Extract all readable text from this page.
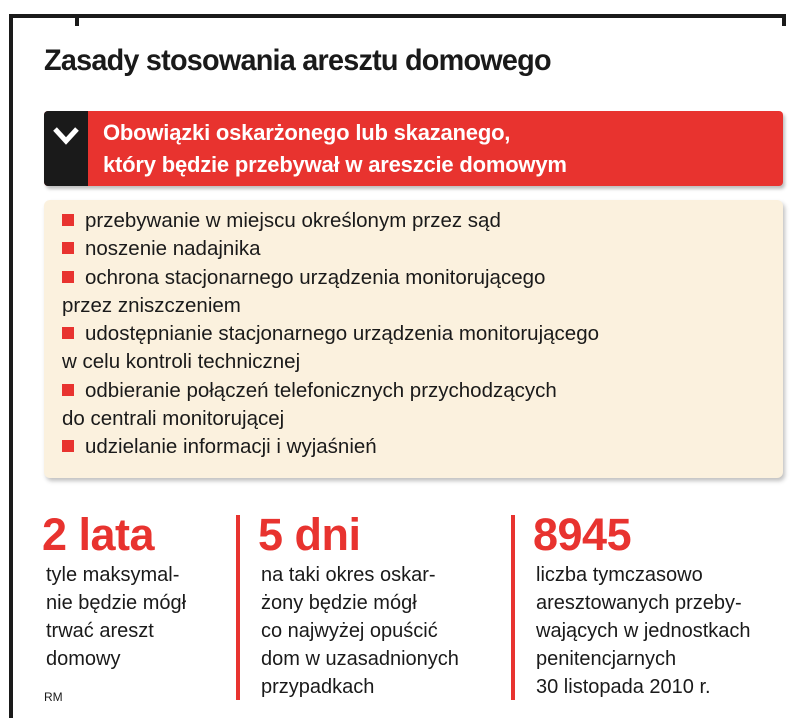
Zasady stosowania aresztu domowego
Obowiązki oskarżonego lub skazanego,
który będzie przebywał w areszcie domowym
przebywanie w miejscu określonym przez sąd
noszenie nadajnika
ochrona stacjonarnego urządzenia monitorującego
przez zniszczeniem
udostępnianie stacjonarnego urządzenia monitorującego
w celu kontroli technicznej
odbieranie połączeń telefonicznych przychodzących
do centrali monitorującej
udzielanie informacji i wyjaśnień
2 lata
tyle maksymal-
nie będzie mógł
trwać areszt
domowy
5 dni
na taki okres oskar-
żony będzie mógł
co najwyżej opuścić
dom w uzasadnionych
przypadkach
8945
liczba tymczasowo
aresztowanych przeby-
wających w jednostkach
penitencjarnych
30 listopada 2010 r.
RM
